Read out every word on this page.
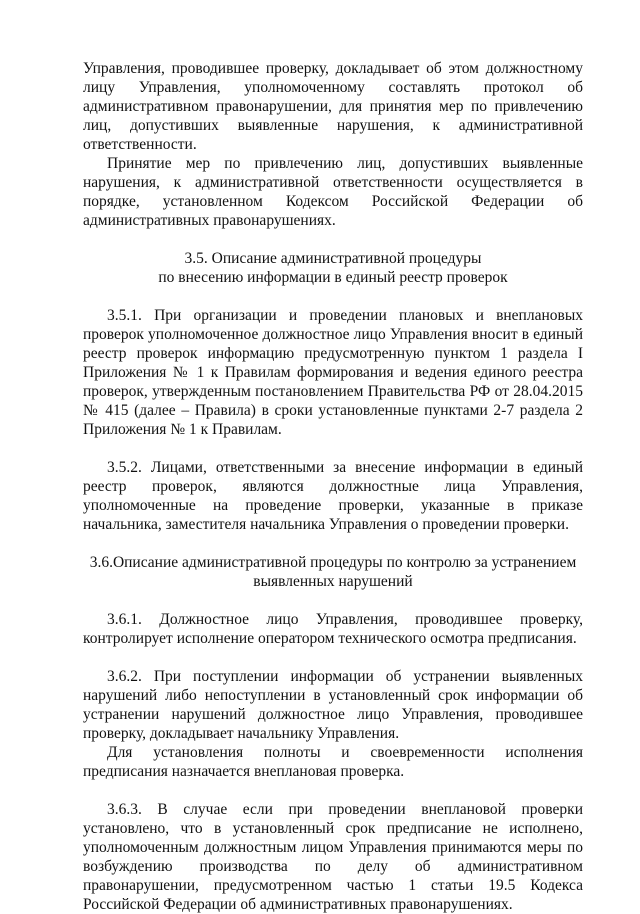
Управления, проводившее проверку, докладывает об этом должностному лицу Управления, уполномоченному составлять протокол об административном правонарушении, для принятия мер по привлечению лиц, допустивших выявленные нарушения, к административной ответственности.

Принятие мер по привлечению лиц, допустивших выявленные нарушения, к административной ответственности осуществляется в порядке, установленном Кодексом Российской Федерации об административных правонарушениях.

3.5. Описание административной процедуры
по внесению информации в единый реестр проверок

3.5.1. При организации и проведении плановых и внеплановых проверок уполномоченное должностное лицо Управления вносит в единый реестр проверок информацию предусмотренную пунктом 1 раздела I Приложения № 1 к Правилам формирования и ведения единого реестра проверок, утвержденным постановлением Правительства РФ от 28.04.2015 № 415 (далее – Правила) в сроки установленные пунктами 2-7 раздела 2 Приложения № 1 к Правилам.

3.5.2. Лицами, ответственными за внесение информации в единый реестр проверок, являются должностные лица Управления, уполномоченные на проведение проверки, указанные в приказе начальника, заместителя начальника Управления о проведении проверки.

3.6.Описание административной процедуры по контролю за устранением
выявленных нарушений

3.6.1. Должностное лицо Управления, проводившее проверку, контролирует исполнение оператором технического осмотра предписания.

3.6.2. При поступлении информации об устранении выявленных нарушений либо непоступлении в установленный срок информации об устранении нарушений должностное лицо Управления, проводившее проверку, докладывает начальнику Управления.

Для установления полноты и своевременности исполнения предписания назначается внеплановая проверка.

3.6.3. В случае если при проведении внеплановой проверки установлено, что в установленный срок предписание не исполнено, уполномоченным должностным лицом Управления принимаются меры по возбуждению производства по делу об административном правонарушении, предусмотренном частью 1 статьи 19.5 Кодекса Российской Федерации об административных правонарушениях.
